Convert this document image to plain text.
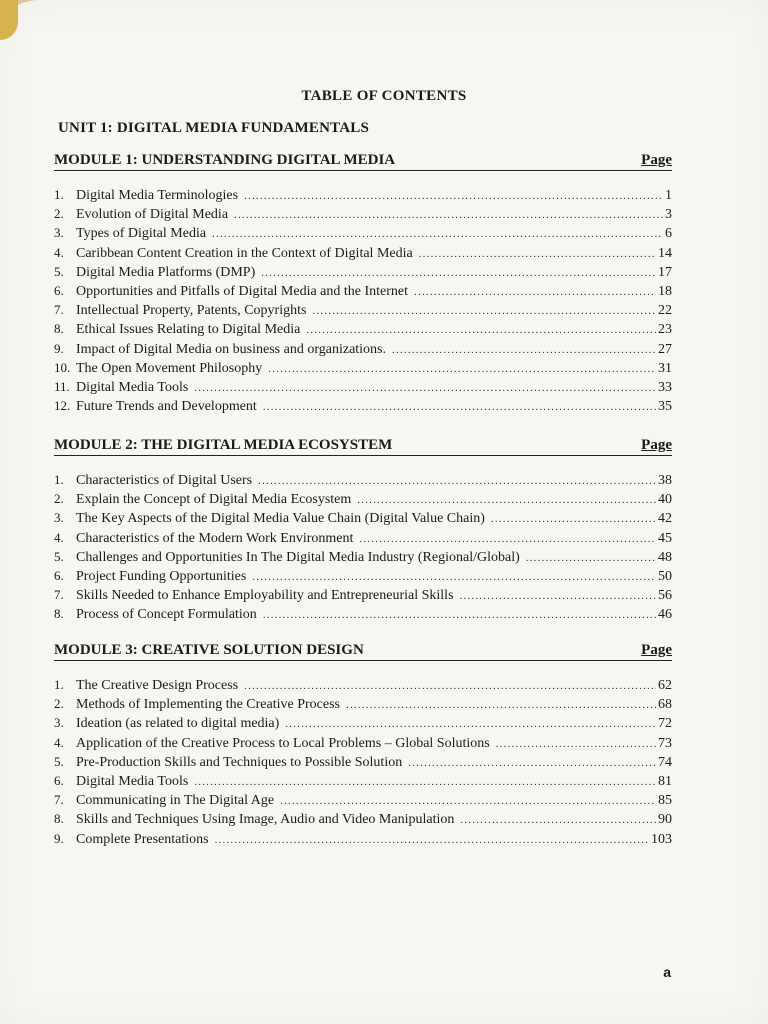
TABLE OF CONTENTS
UNIT 1: DIGITAL MEDIA FUNDAMENTALS
MODULE 1: UNDERSTANDING DIGITAL MEDIA	Page
1. Digital Media Terminologies .....	1
2. Evolution of Digital Media .....	3
3. Types of Digital Media .....	6
4. Caribbean Content Creation in the Context of Digital Media .....	14
5. Digital Media Platforms (DMP) .....	17
6. Opportunities and Pitfalls of Digital Media and the Internet .....	18
7. Intellectual Property, Patents, Copyrights .....	22
8. Ethical Issues Relating to Digital Media .....	23
9. Impact of Digital Media on business and organizations. .....	27
10. The Open Movement Philosophy .....	31
11. Digital Media Tools .....	33
12. Future Trends and Development .....	35
MODULE 2: THE DIGITAL MEDIA ECOSYSTEM	Page
1. Characteristics of Digital Users .....	38
2. Explain the Concept of Digital Media Ecosystem .....	40
3. The Key Aspects of the Digital Media Value Chain (Digital Value Chain) .....	42
4. Characteristics of the Modern Work Environment .....	45
5. Challenges and Opportunities In The Digital Media Industry (Regional/Global) .....	48
6. Project Funding Opportunities .....	50
7. Skills Needed to Enhance Employability and Entrepreneurial Skills .....	56
8. Process of Concept Formulation .....	46
MODULE 3: CREATIVE SOLUTION DESIGN	Page
1. The Creative Design Process .....	62
2. Methods of Implementing the Creative Process .....	68
3. Ideation (as related to digital media) .....	72
4. Application of the Creative Process to Local Problems – Global Solutions .....	73
5. Pre-Production Skills and Techniques to Possible Solution .....	74
6. Digital Media Tools .....	81
7. Communicating in The Digital Age .....	85
8. Skills and Techniques Using Image, Audio and Video Manipulation .....	90
9. Complete Presentations .....	103
a
